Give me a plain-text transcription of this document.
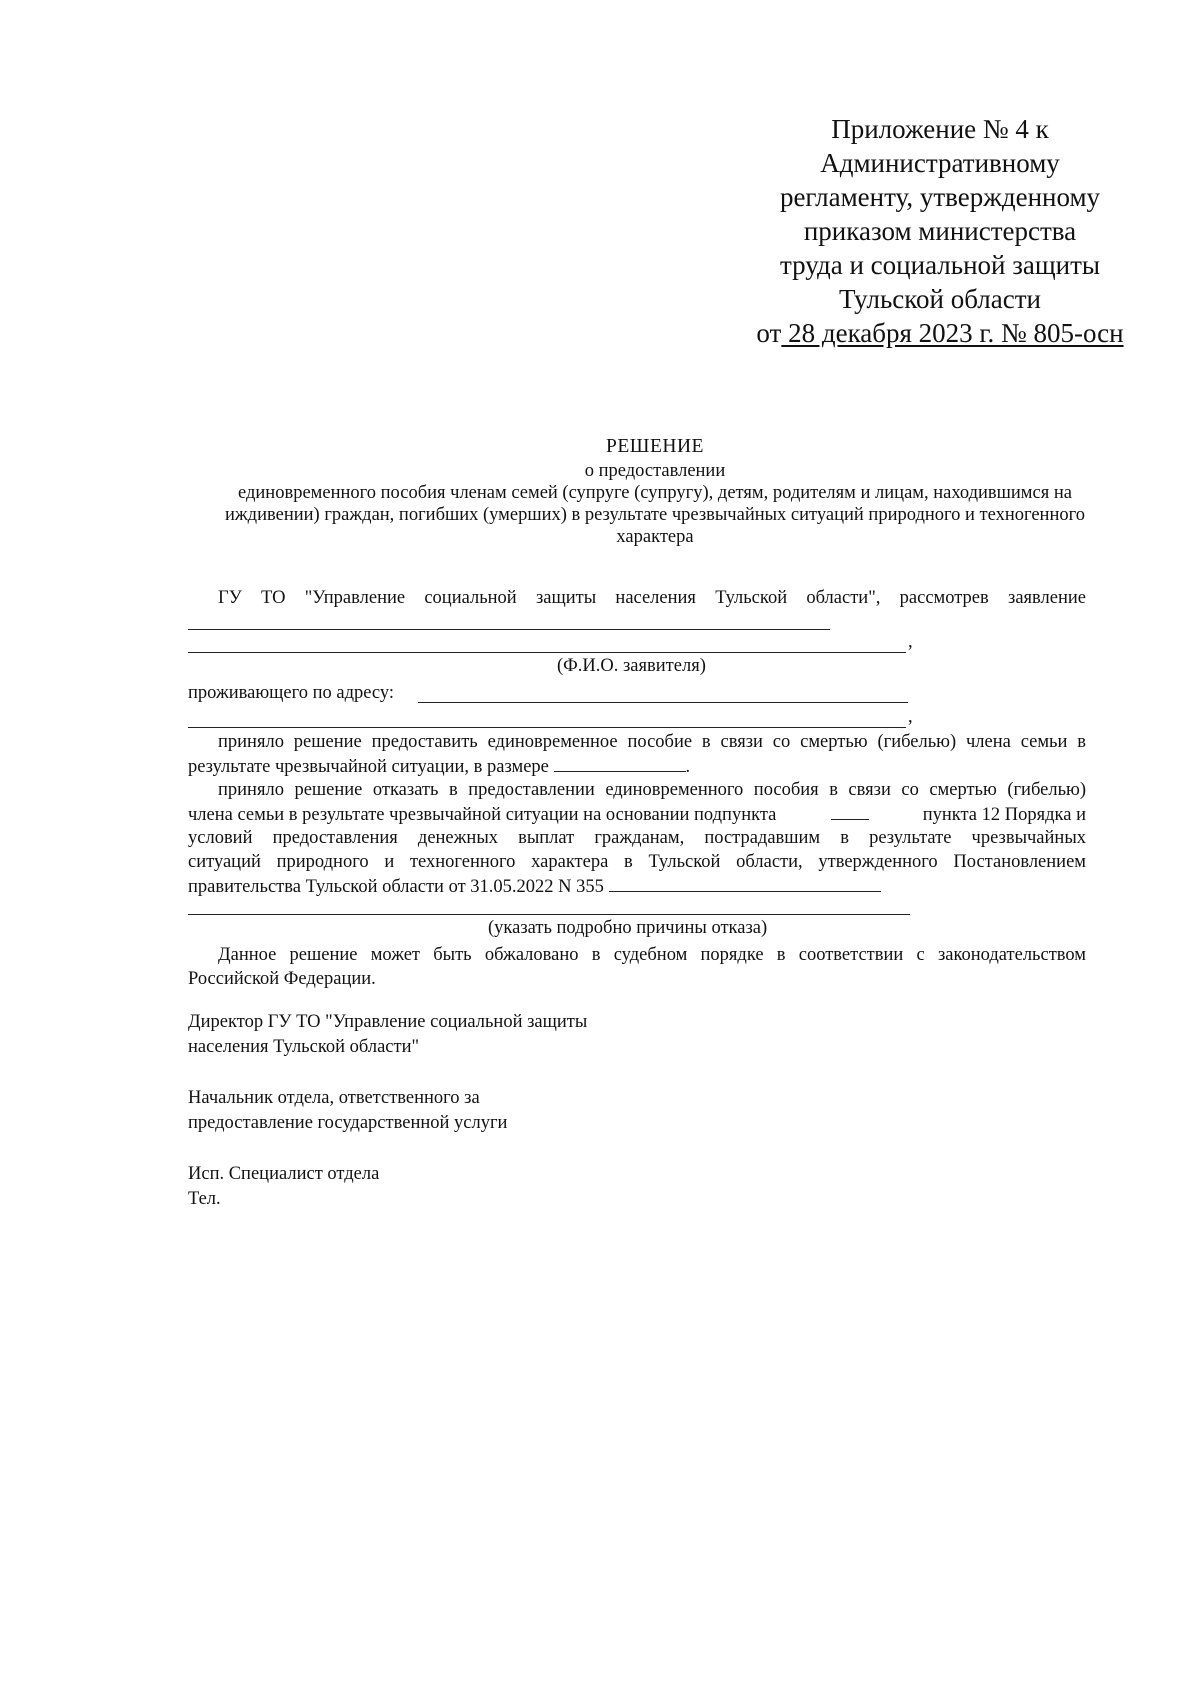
Приложение № 4 к
Административному
регламенту, утвержденному
приказом министерства
труда и социальной защиты
Тульской области
от 28 декабря 2023 г. № 805-осн
РЕШЕНИЕ
о предоставлении
единовременного пособия членам семей (супруге (супругу), детям, родителям и лицам, находившимся на
иждивении) граждан, погибших (умерших) в результате чрезвычайных ситуаций природного и техногенного
характера
ГУ ТО "Управление социальной защиты населения Тульской области", рассмотрев заявление
,
(Ф.И.О. заявителя)
проживающего по адресу:
,
приняло решение предоставить единовременное пособие в связи со смертью (гибелью) члена семьи в
результате чрезвычайной ситуации, в размере	.
приняло решение отказать в предоставлении единовременного пособия в связи со смертью (гибелью)
члена семьи в результате чрезвычайной ситуации на основании подпункта	пункта 12 Порядка и
условий предоставления денежных выплат гражданам, пострадавшим в результате чрезвычайных
ситуаций природного и техногенного характера в Тульской области, утвержденного Постановлением
правительства Тульской области от 31.05.2022 N 355
(указать подробно причины отказа)
Данное решение может быть обжаловано в судебном порядке в соответствии с законодательством
Российской Федерации.
Директор ГУ ТО "Управление социальной защиты
населения Тульской области"
Начальник отдела, ответственного за
предоставление государственной услуги
Исп. Специалист отдела
Тел.
